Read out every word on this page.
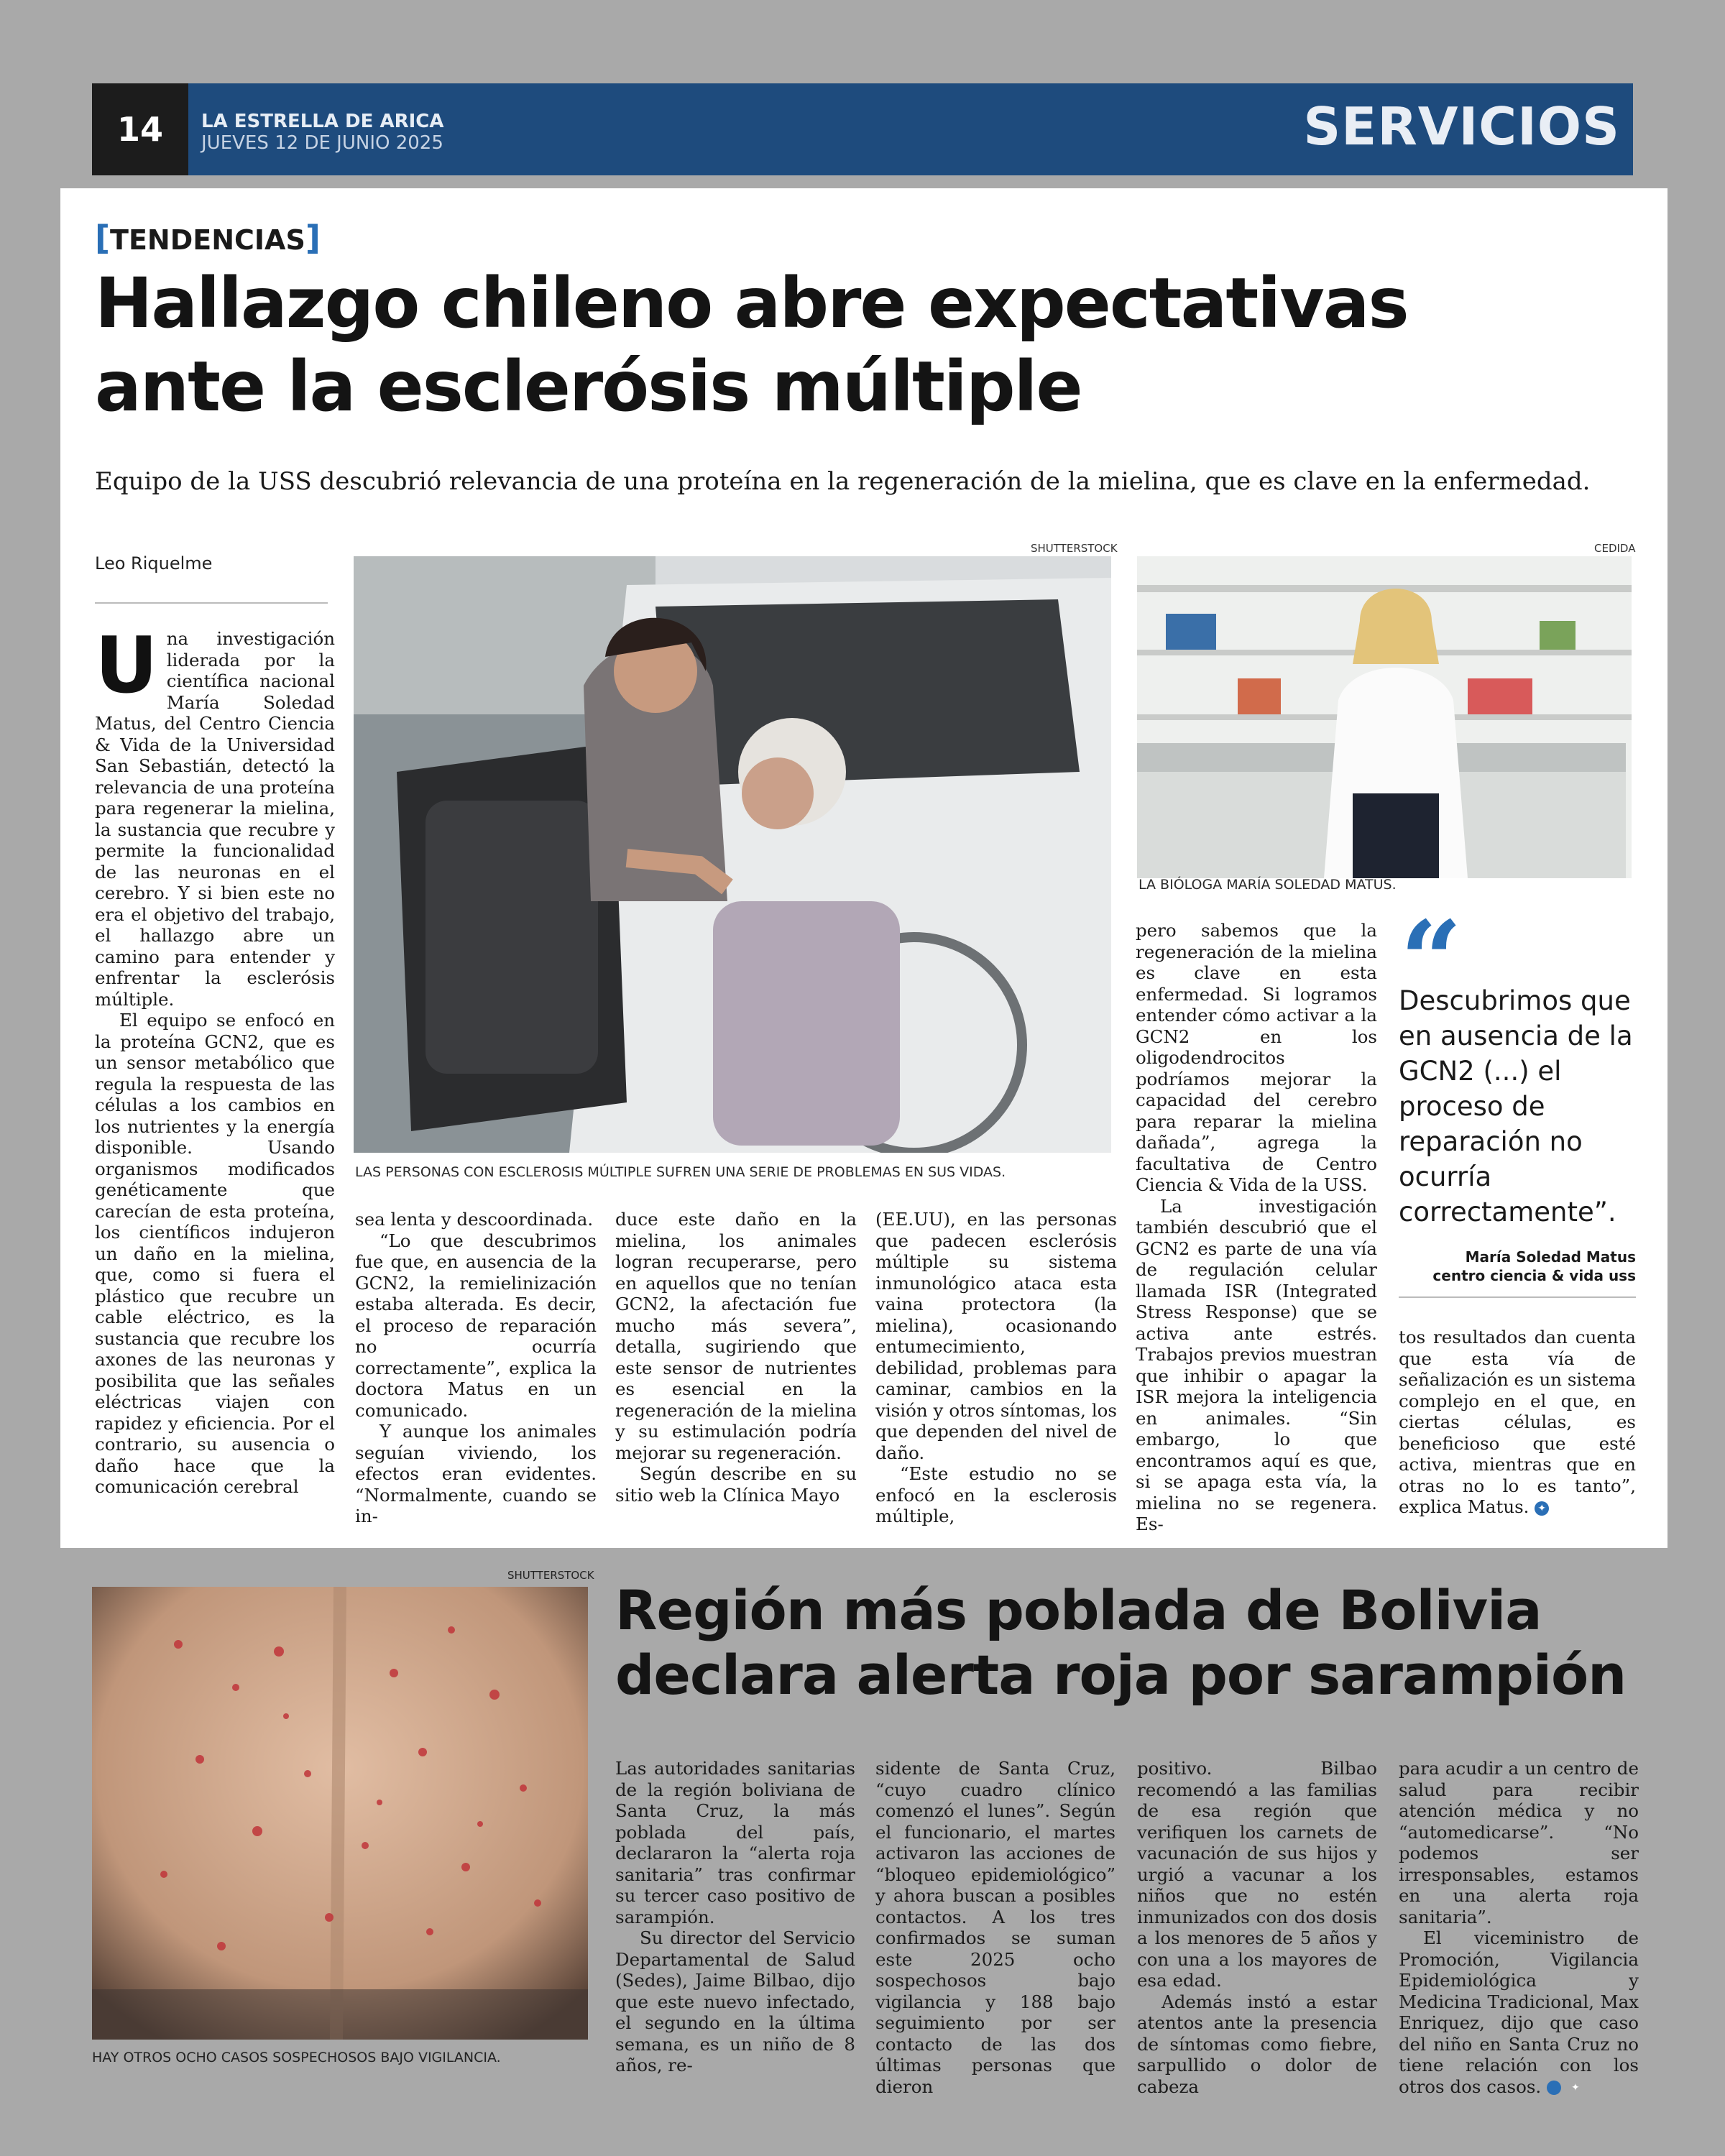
14	LA ESTRELLA DE ARICA
JUEVES 12 DE JUNIO 2025	SERVICIOS
[TENDENCIAS]
Hallazgo chileno abre expectativas
ante la esclerósis múltiple
Equipo de la USS descubrió relevancia de una proteína en la regeneración de la mielina, que es clave en la enfermedad.
Leo Riquelme
SHUTTERSTOCK
LAS PERSONAS CON ESCLEROSIS MÚLTIPLE SUFREN UNA SERIE DE PROBLEMAS EN SUS VIDAS.
CEDIDA
LA BIÓLOGA MARÍA SOLEDAD MATUS.

Una investigación liderada por la científica nacional María Soledad Matus, del Centro Ciencia & Vida de la Universidad San Sebastián, detectó la relevancia de una proteína para regenerar la mielina, la sustancia que recubre y permite la funcionalidad de las neuronas en el cerebro. Y si bien este no era el objetivo del trabajo, el hallazgo abre un camino para entender y enfrentar la esclerósis múltiple.

El equipo se enfocó en la proteína GCN2, que es un sensor metabólico que regula la respuesta de las células a los cambios en los nutrientes y la energía disponible. Usando organismos modificados genéticamente que carecían de esta proteína, los científicos indujeron un daño en la mielina, que, como si fuera el plástico que recubre un cable eléctrico, es la sustancia que recubre los axones de las neuronas y posibilita que las señales eléctricas viajen con rapidez y eficiencia. Por el contrario, su ausencia o daño hace que la comunicación cerebral

sea lenta y descoordinada.

“Lo que descubrimos fue que, en ausencia de la GCN2, la remielinización estaba alterada. Es decir, el proceso de reparación no ocurría correctamente”, explica la doctora Matus en un comunicado.

Y aunque los animales seguían viviendo, los efectos eran evidentes. “Normalmente, cuando se in-

duce este daño en la mielina, los animales logran recuperarse, pero en aquellos que no tenían GCN2, la afectación fue mucho más severa”, detalla, sugiriendo que este sensor de nutrientes es esencial en la regeneración de la mielina y su estimulación podría mejorar su regeneración.

Según describe en su sitio web la Clínica Mayo

(EE.UU), en las personas que padecen esclerósis múltiple su sistema inmunológico ataca esta vaina protectora (la mielina), ocasionando entumecimiento, debilidad, problemas para caminar, cambios en la visión y otros síntomas, los que dependen del nivel de daño.

“Este estudio no se enfocó en la esclerosis múltiple,

pero sabemos que la regeneración de la mielina es clave en esta enfermedad. Si logramos entender cómo activar a la GCN2 en los oligodendrocitos podríamos mejorar la capacidad del cerebro para reparar la mielina dañada”, agrega la facultativa de Centro Ciencia & Vida de la USS.

La investigación también descubrió que el GCN2 es parte de una vía de regulación celular llamada ISR (Integrated Stress Response) que se activa ante estrés. Trabajos previos muestran que inhibir o apagar la ISR mejora la inteligencia en animales. “Sin embargo, lo que encontramos aquí es que, si se apaga esta vía, la mielina no se regenera. Es-

tos resultados dan cuenta que esta vía de señalización es un sistema complejo en el que, en ciertas células, es beneficioso que esté activa, mientras que en otras no lo es tanto”, explica Matus. ✦

“
Descubrimos que en ausencia de la GCN2 (...) el proceso de reparación no ocurría correctamente”.
María Soledad Matus
centro ciencia & vida uss
SHUTTERSTOCK
HAY OTROS OCHO CASOS SOSPECHOSOS BAJO VIGILANCIA.
Región más poblada de Bolivia
declara alerta roja por sarampión

Las autoridades sanitarias de la región boliviana de Santa Cruz, la más poblada del país, declararon la “alerta roja sanitaria” tras confirmar su tercer caso positivo de sarampión.

Su director del Servicio Departamental de Salud (Sedes), Jaime Bilbao, dijo que este nuevo infectado, el segundo en la última semana, es un niño de 8 años, re-

sidente de Santa Cruz, “cuyo cuadro clínico comenzó el lunes”. Según el funcionario, el martes activaron las acciones de “bloqueo epidemiológico” y ahora buscan a posibles contactos. A los tres confirmados se suman este 2025 ocho sospechosos bajo vigilancia y 188 bajo seguimiento por ser contacto de las dos últimas personas que dieron

positivo. Bilbao recomendó a las familias de esa región que verifiquen los carnets de vacunación de sus hijos y urgió a vacunar a los niños que no estén inmunizados con dos dosis a los menores de 5 años y con una a los mayores de esa edad.

Además instó a estar atentos ante la presencia de síntomas como fiebre, sarpullido o dolor de cabeza

para acudir a un centro de salud para recibir atención médica y no “automedicarse”. “No podemos ser irresponsables, estamos en una alerta roja sanitaria”.

El viceministro de Promoción, Vigilancia Epidemiológica y Medicina Tradicional, Max Enriquez, dijo que caso del niño en Santa Cruz no tiene relación con los otros dos casos.	✦
